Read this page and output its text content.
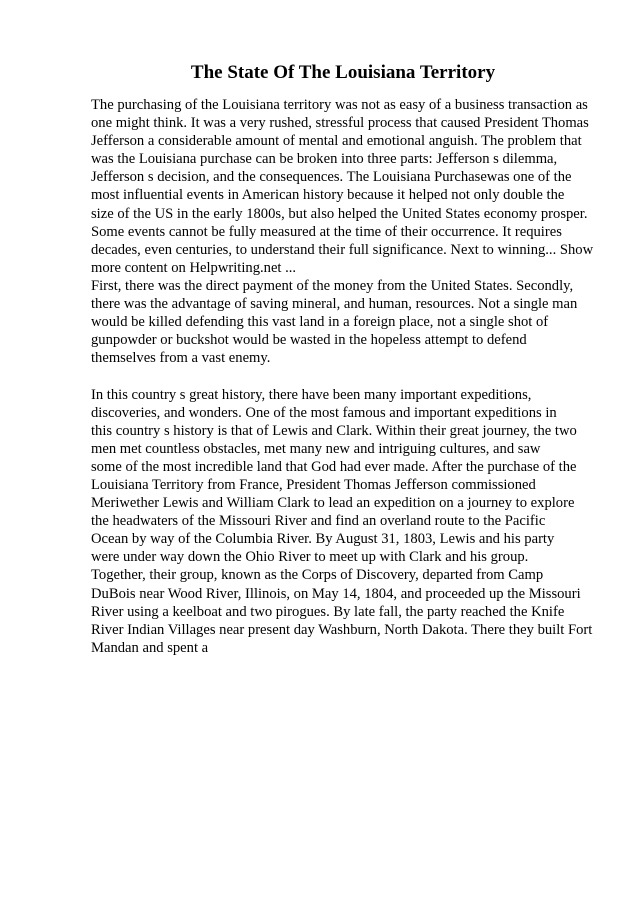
The State Of The Louisiana Territory
The purchasing of the Louisiana territory was not as easy of a business transaction as
one might think. It was a very rushed, stressful process that caused President Thomas
Jefferson a considerable amount of mental and emotional anguish. The problem that
was the Louisiana purchase can be broken into three parts: Jefferson s dilemma,
Jefferson s decision, and the consequences. The Louisiana Purchasewas one of the
most influential events in American history because it helped not only double the
size of the US in the early 1800s, but also helped the United States economy prosper.
Some events cannot be fully measured at the time of their occurrence. It requires
decades, even centuries, to understand their full significance. Next to winning... Show
more content on Helpwriting.net ...
First, there was the direct payment of the money from the United States. Secondly,
there was the advantage of saving mineral, and human, resources. Not a single man
would be killed defending this vast land in a foreign place, not a single shot of
gunpowder or buckshot would be wasted in the hopeless attempt to defend
themselves from a vast enemy.
In this country s great history, there have been many important expeditions,
discoveries, and wonders. One of the most famous and important expeditions in
this country s history is that of Lewis and Clark. Within their great journey, the two
men met countless obstacles, met many new and intriguing cultures, and saw
some of the most incredible land that God had ever made. After the purchase of the
Louisiana Territory from France, President Thomas Jefferson commissioned
Meriwether Lewis and William Clark to lead an expedition on a journey to explore
the headwaters of the Missouri River and find an overland route to the Pacific
Ocean by way of the Columbia River. By August 31, 1803, Lewis and his party
were under way down the Ohio River to meet up with Clark and his group.
Together, their group, known as the Corps of Discovery, departed from Camp
DuBois near Wood River, Illinois, on May 14, 1804, and proceeded up the Missouri
River using a keelboat and two pirogues. By late fall, the party reached the Knife
River Indian Villages near present day Washburn, North Dakota. There they built Fort
Mandan and spent a
